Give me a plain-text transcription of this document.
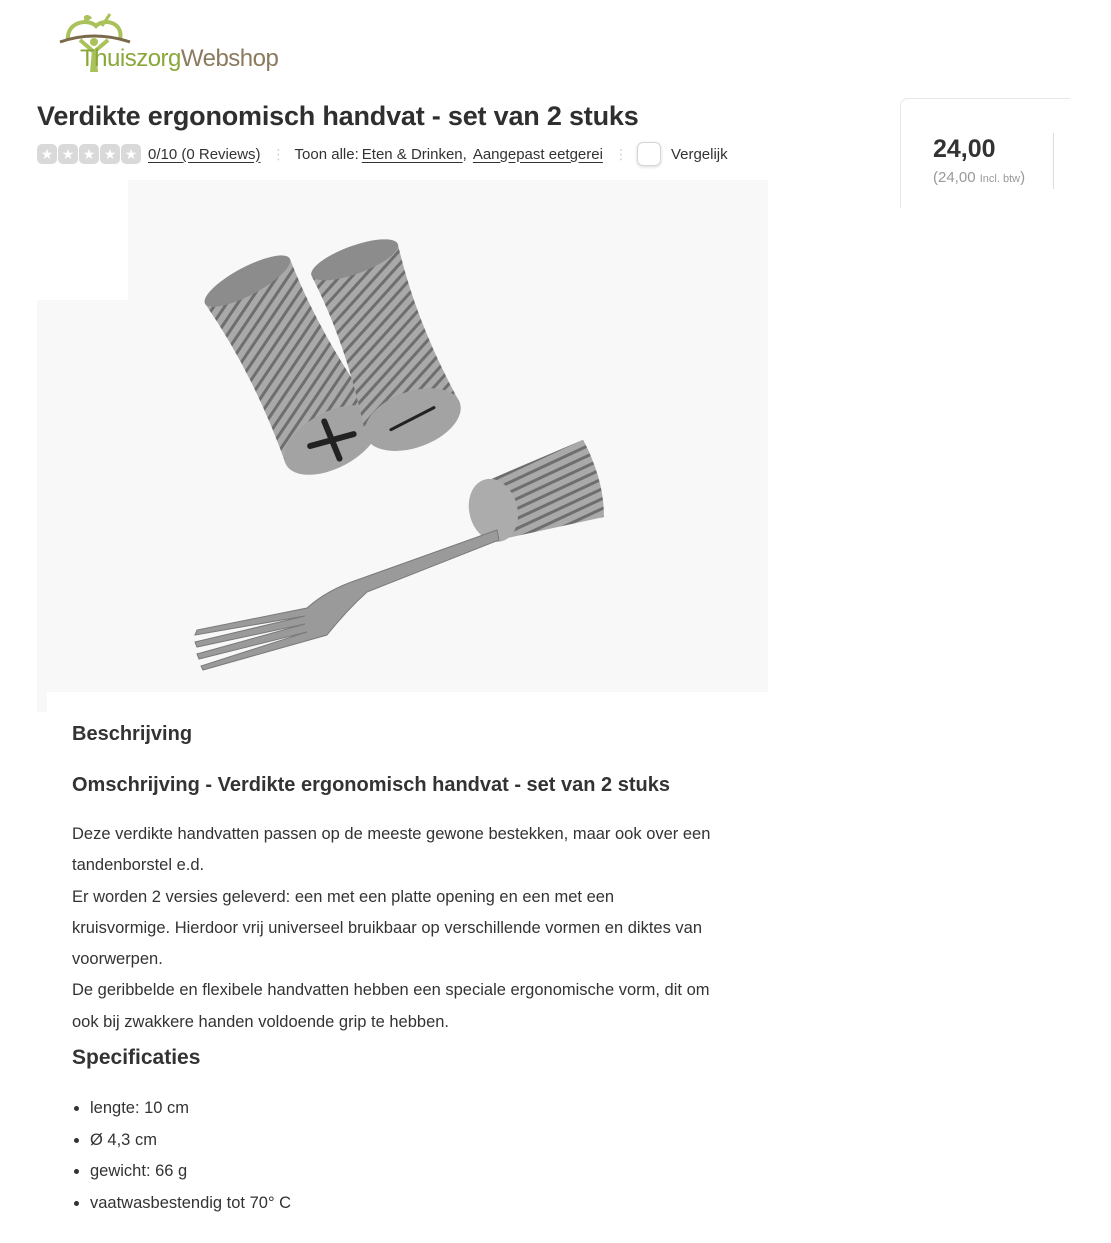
ThuiszorgWebshop
Verdikte ergonomisch handvat - set van 2 stuks
★ ★ ★ ★ ★ 0/10 (0 Reviews) ⋮ Toon alle: Eten & Drinken , Aangepast eetgerei ⋮	Vergelijk	24,00
(24,00 Incl. btw)
Beschrijving
Omschrijving - Verdikte ergonomisch handvat - set van 2 stuks
Deze verdikte handvatten passen op de meeste gewone bestekken, maar ook over een
tandenborstel e.d.
Er worden 2 versies geleverd: een met een platte opening en een met een
kruisvormige. Hierdoor vrij universeel bruikbaar op verschillende vormen en diktes van
voorwerpen.
De geribbelde en flexibele handvatten hebben een speciale ergonomische vorm, dit om
ook bij zwakkere handen voldoende grip te hebben.
Specificaties
lengte: 10 cm
Ø 4,3 cm
gewicht: 66 g
vaatwasbestendig tot 70° C
